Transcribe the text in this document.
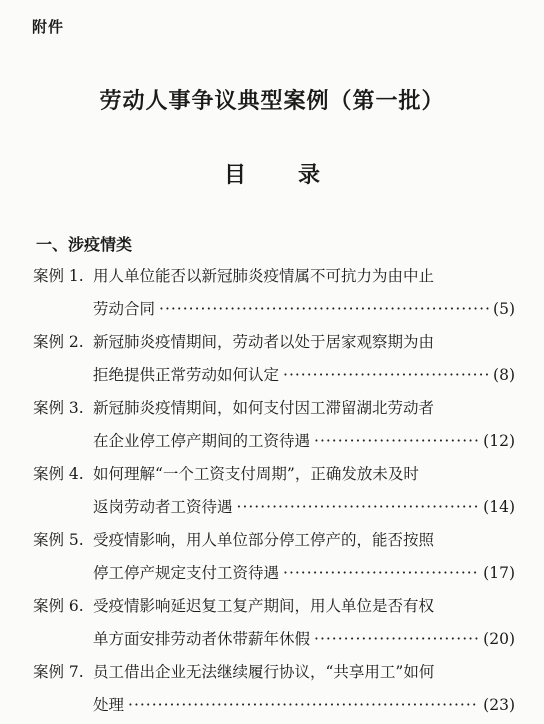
附件
劳动人事争议典型案例（第一批）
目 录
一、涉疫情类
案例 1. 用人单位能否以新冠肺炎疫情属不可抗力为由中止
劳动合同 ·····	(5)
案例 2. 新冠肺炎疫情期间，劳动者以处于居家观察期为由
拒绝提供正常劳动如何认定 ·····	(8)
案例 3. 新冠肺炎疫情期间，如何支付因工滞留湖北劳动者
在企业停工停产期间的工资待遇 ·····	(12)
案例 4. 如何理解“一个工资支付周期”，正确发放未及时
返岗劳动者工资待遇 ·····	(14)
案例 5. 受疫情影响，用人单位部分停工停产的，能否按照
停工停产规定支付工资待遇 ·····	(17)
案例 6. 受疫情影响延迟复工复产期间，用人单位是否有权
单方面安排劳动者休带薪年休假 ·····	(20)
案例 7. 员工借出企业无法继续履行协议，“共享用工”如何
处理 ·····	(23)
